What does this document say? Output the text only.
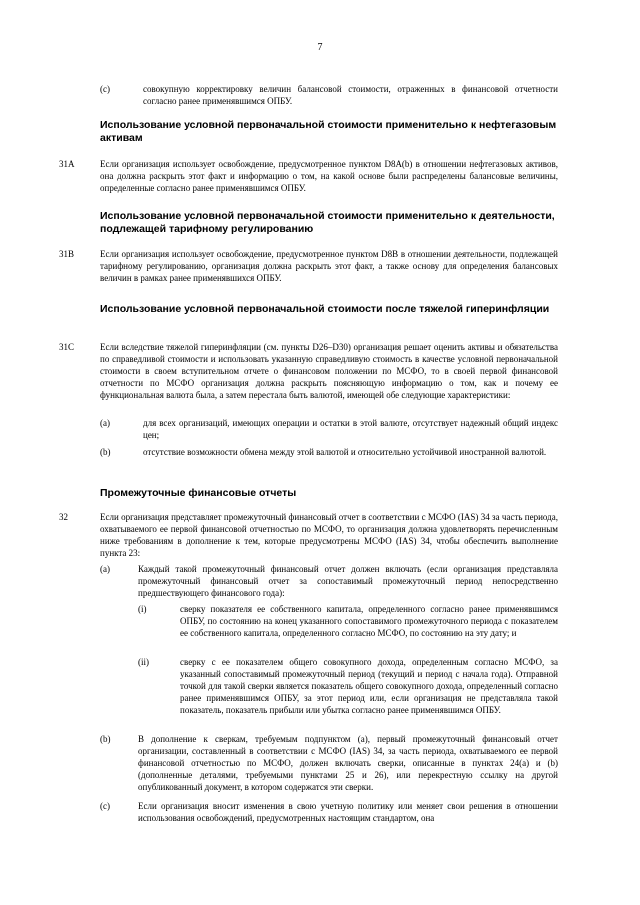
7
(c)	совокупную корректировку величин балансовой стоимости, отраженных в финансовой отчетности согласно ранее применявшимся ОПБУ.
Использование условной первоначальной стоимости применительно к нефтегазовым активам
31A	Если организация использует освобождение, предусмотренное пунктом D8A(b) в отношении нефтегазовых активов, она должна раскрыть этот факт и информацию о том, на какой основе были распределены балансовые величины, определенные согласно ранее применявшимся ОПБУ.
Использование условной первоначальной стоимости применительно к деятельности, подлежащей тарифному регулированию
31B	Если организация использует освобождение, предусмотренное пунктом D8B в отношении деятельности, подлежащей тарифному регулированию, организация должна раскрыть этот факт, а также основу для определения балансовых величин в рамках ранее применявшихся ОПБУ.
Использование условной первоначальной стоимости после тяжелой гиперинфляции
31C	Если вследствие тяжелой гиперинфляции (см. пункты D26–D30) организация решает оценить активы и обязательства по справедливой стоимости и использовать указанную справедливую стоимость в качестве условной первоначальной стоимости в своем вступительном отчете о финансовом положении по МСФО, то в своей первой финансовой отчетности по МСФО организация должна раскрыть поясняющую информацию о том, как и почему ее функциональная валюта была, а затем перестала быть валютой, имеющей обе следующие характеристики:
(a)	для всех организаций, имеющих операции и остатки в этой валюте, отсутствует надежный общий индекс цен;
(b)	отсутствие возможности обмена между этой валютой и относительно устойчивой иностранной валютой.
Промежуточные финансовые отчеты
32	Если организация представляет промежуточный финансовый отчет в соответствии с МСФО (IAS) 34 за часть периода, охватываемого ее первой финансовой отчетностью по МСФО, то организация должна удовлетворять перечисленным ниже требованиям в дополнение к тем, которые предусмотрены МСФО (IAS) 34, чтобы обеспечить выполнение пункта 23:
(a)	Каждый такой промежуточный финансовый отчет должен включать (если организация представляла промежуточный финансовый отчет за сопоставимый промежуточный период непосредственно предшествующего финансового года):
(i)	сверку показателя ее собственного капитала, определенного согласно ранее применявшимся ОПБУ, по состоянию на конец указанного сопоставимого промежуточного периода с показателем ее собственного капитала, определенного согласно МСФО, по состоянию на эту дату; и
(ii)	сверку с ее показателем общего совокупного дохода, определенным согласно МСФО, за указанный сопоставимый промежуточный период (текущий и период с начала года). Отправной точкой для такой сверки является показатель общего совокупного дохода, определенный согласно ранее применявшимся ОПБУ, за этот период или, если организация не представляла такой показатель, показатель прибыли или убытка согласно ранее применявшимся ОПБУ.
(b)	В дополнение к сверкам, требуемым подпунктом (a), первый промежуточный финансовый отчет организации, составленный в соответствии с МСФО (IAS) 34, за часть периода, охватываемого ее первой финансовой отчетностью по МСФО, должен включать сверки, описанные в пунктах 24(a) и (b) (дополненные деталями, требуемыми пунктами 25 и 26), или перекрестную ссылку на другой опубликованный документ, в котором содержатся эти сверки.
(c)	Если организация вносит изменения в свою учетную политику или меняет свои решения в отношении использования освобождений, предусмотренных настоящим стандартом, она
